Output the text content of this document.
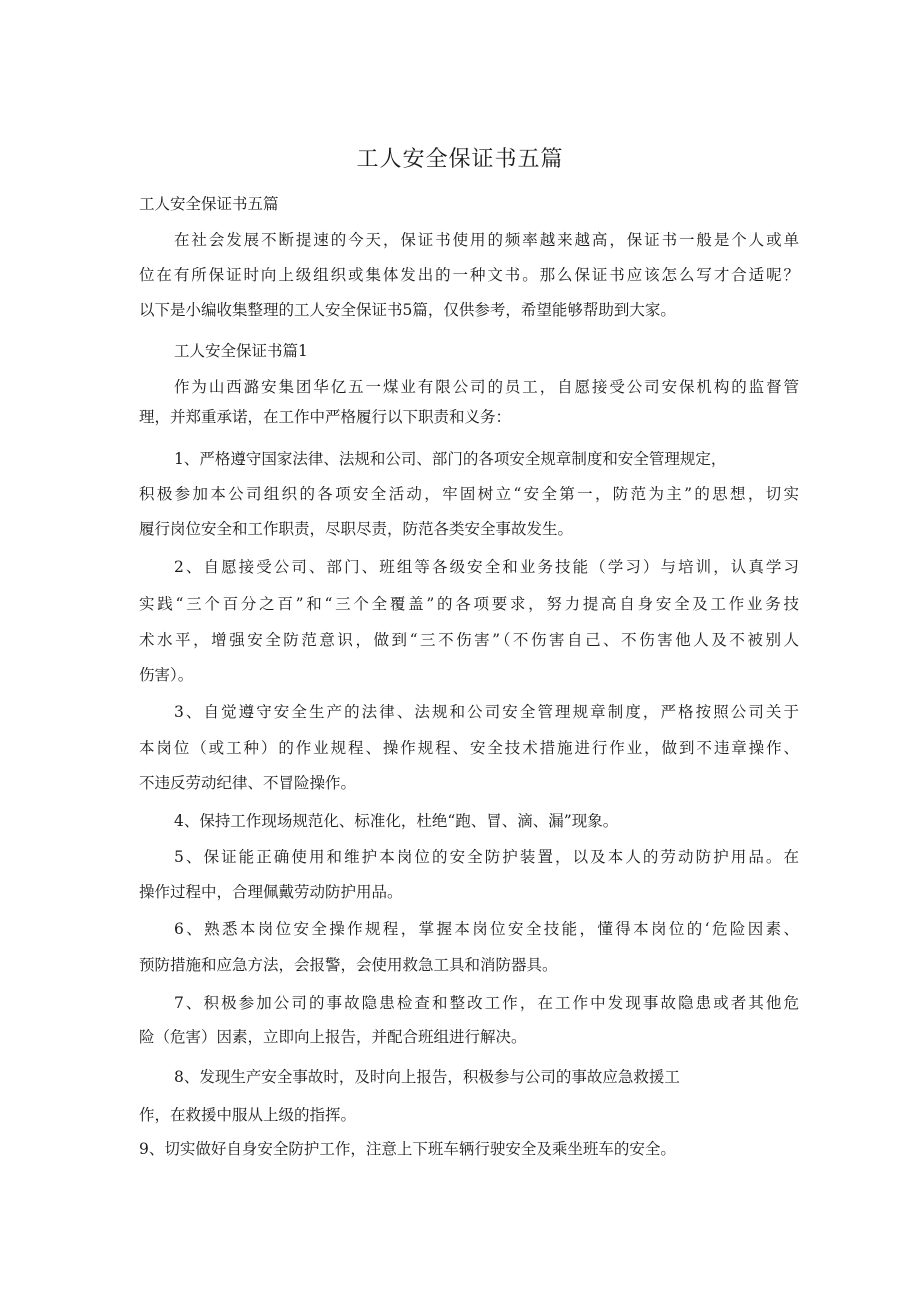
工人安全保证书五篇
工人安全保证书五篇
在社会发展不断提速的今天，保证书使用的频率越来越高，保证书一般是个人或单
位在有所保证时向上级组织或集体发出的一种文书。那么保证书应该怎么写才合适呢？
以下是小编收集整理的工人安全保证书5篇，仅供参考，希望能够帮助到大家。
工人安全保证书篇1
作为山西潞安集团华亿五一煤业有限公司的员工，自愿接受公司安保机构的监督管
理，并郑重承诺，在工作中严格履行以下职责和义务：
1、严格遵守国家法律、法规和公司、部门的各项安全规章制度和安全管理规定，
积极参加本公司组织的各项安全活动，牢固树立“安全第一，防范为主”的思想，切实
履行岗位安全和工作职责，尽职尽责，防范各类安全事故发生。
2、自愿接受公司、部门、班组等各级安全和业务技能（学习）与培训，认真学习
实践“三个百分之百”和“三个全覆盖”的各项要求，努力提高自身安全及工作业务技
术水平，增强安全防范意识，做到“三不伤害”（不伤害自己、不伤害他人及不被别人
伤害）。
3、自觉遵守安全生产的法律、法规和公司安全管理规章制度，严格按照公司关于
本岗位（或工种）的作业规程、操作规程、安全技术措施进行作业，做到不违章操作、
不违反劳动纪律、不冒险操作。
4、保持工作现场规范化、标准化，杜绝“跑、冒、滴、漏”现象。
5、保证能正确使用和维护本岗位的安全防护装置，以及本人的劳动防护用品。在
操作过程中，合理佩戴劳动防护用品。
6、熟悉本岗位安全操作规程，掌握本岗位安全技能，懂得本岗位的‘危险因素、
预防措施和应急方法，会报警，会使用救急工具和消防器具。
7、积极参加公司的事故隐患检查和整改工作，在工作中发现事故隐患或者其他危
险（危害）因素，立即向上报告，并配合班组进行解决。
8、发现生产安全事故时，及时向上报告，积极参与公司的事故应急救援工
作，在救援中服从上级的指挥。
9、切实做好自身安全防护工作，注意上下班车辆行驶安全及乘坐班车的安全。
